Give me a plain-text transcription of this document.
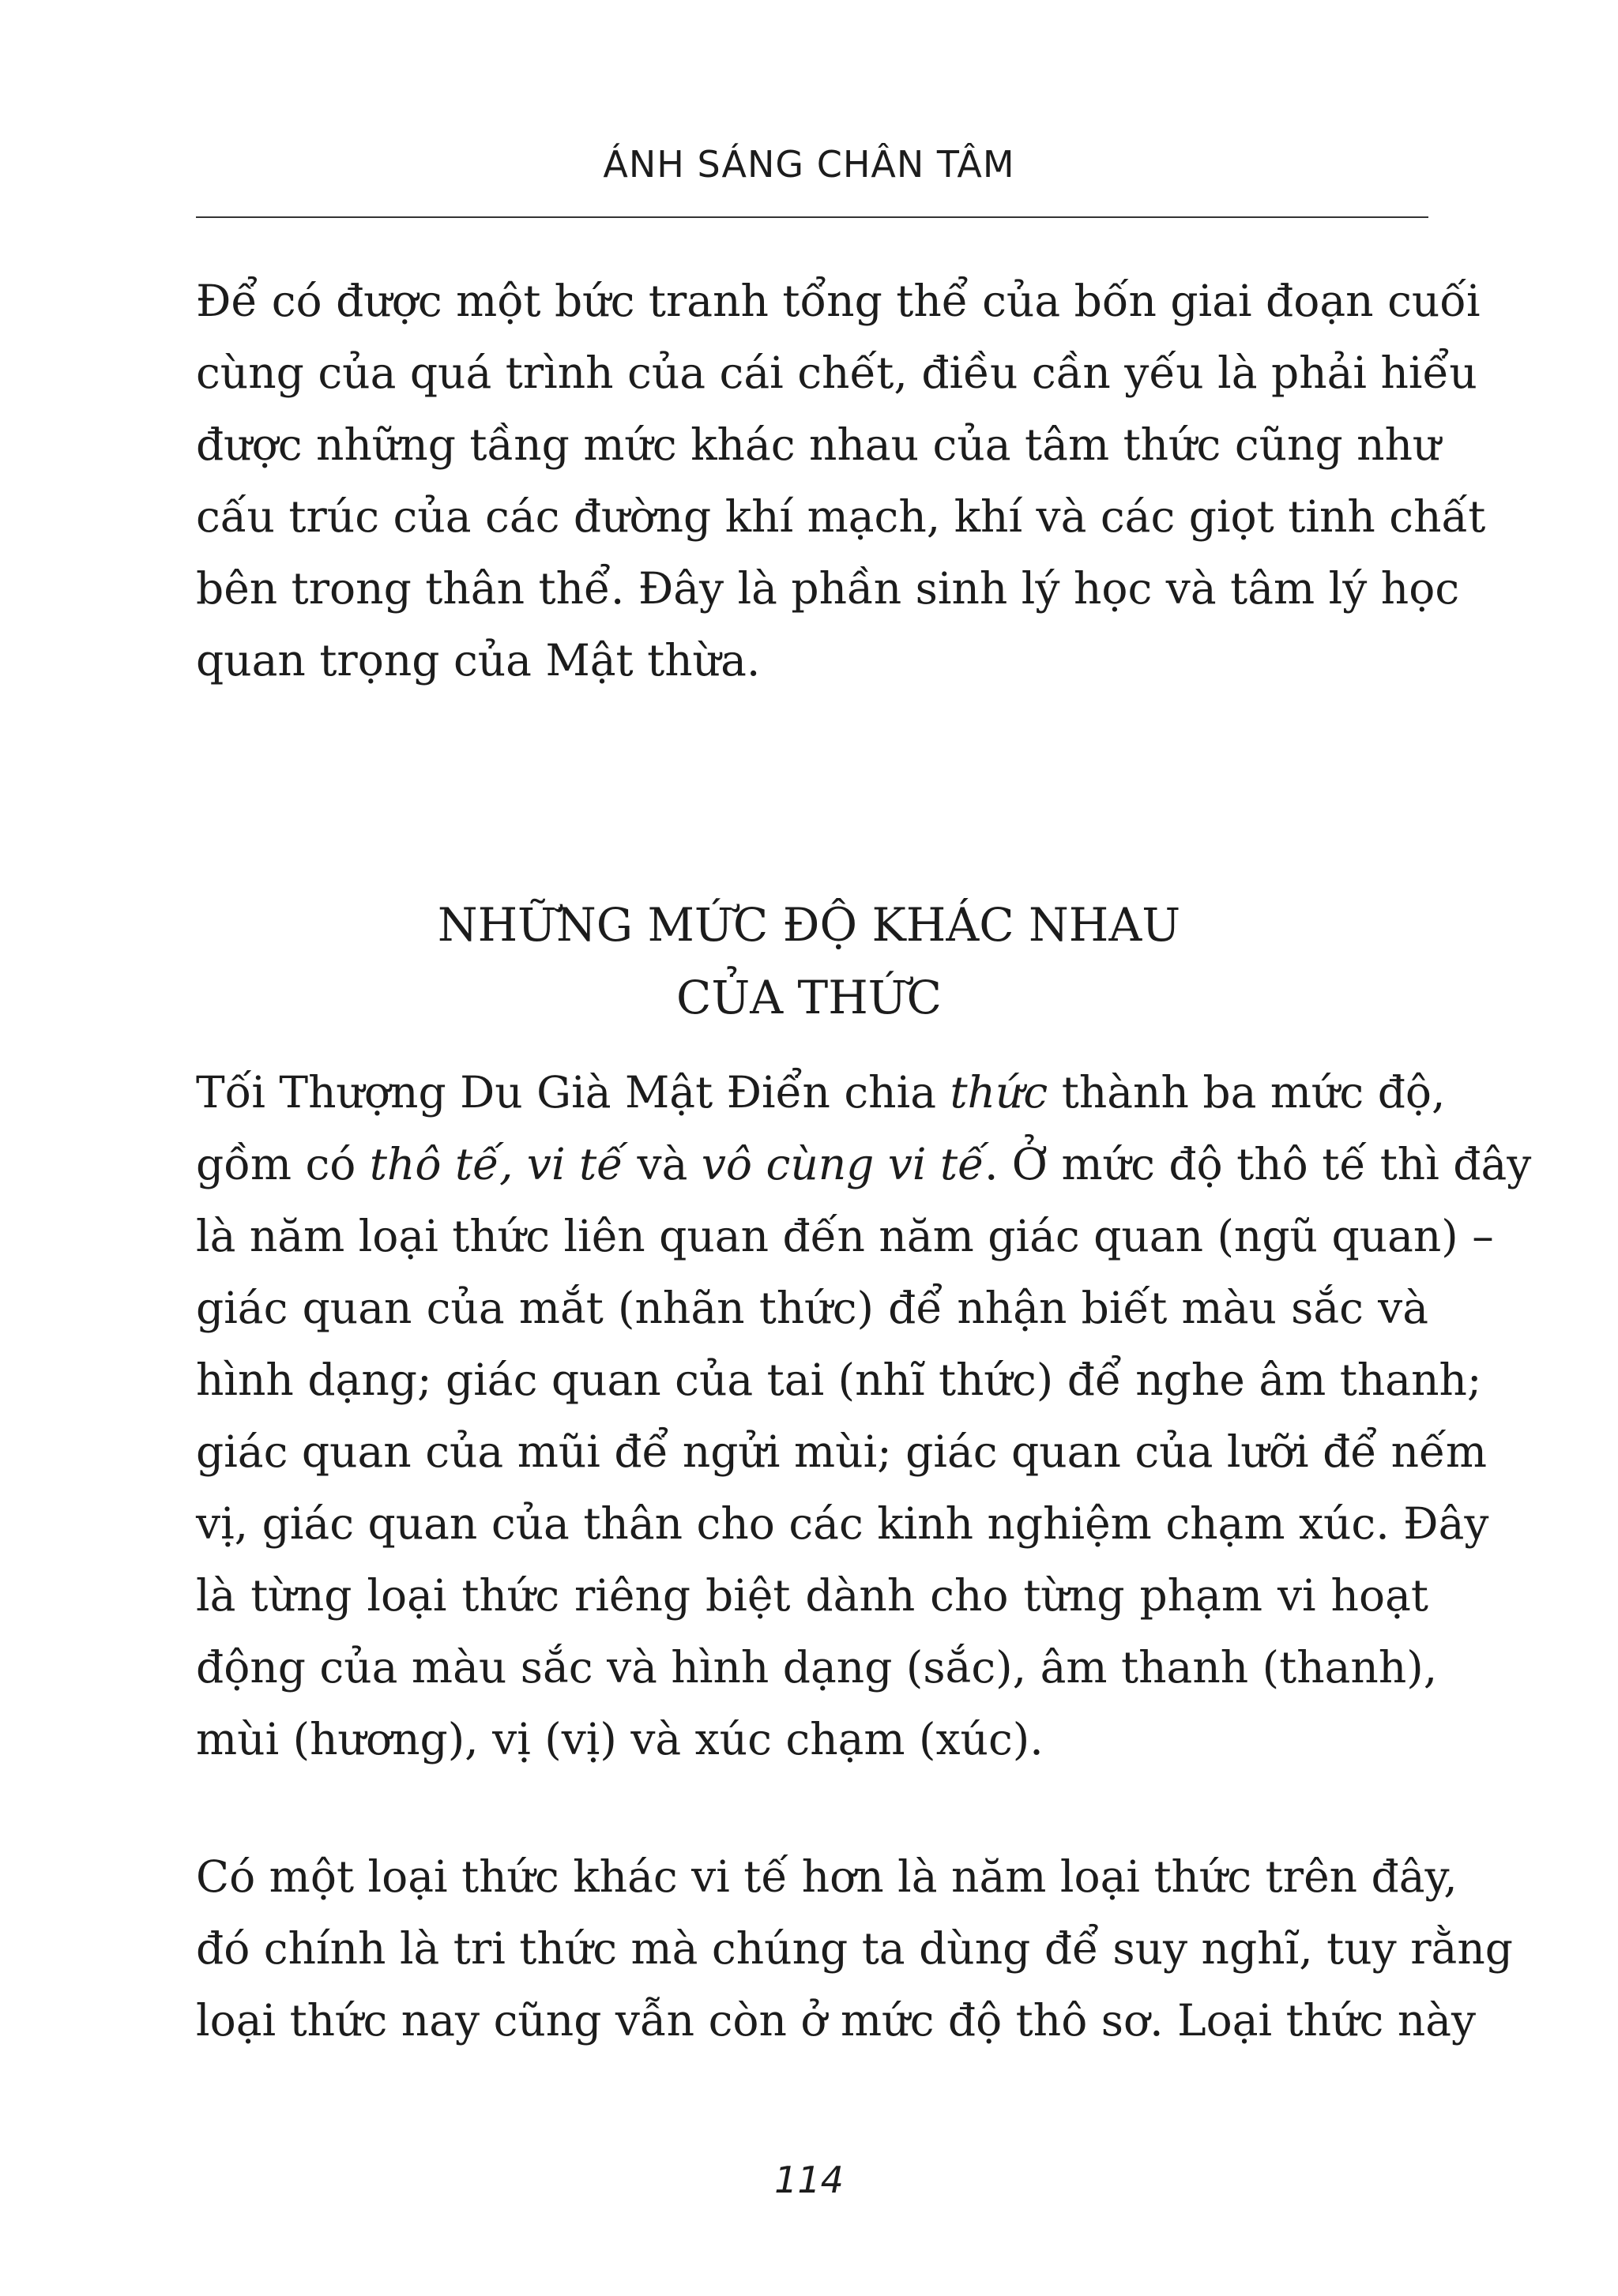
ÁNH SÁNG CHÂN TÂM
Để có được một bức tranh tổng thể của bốn giai đoạn cuối
cùng của quá trình của cái chết, điều cần yếu là phải hiểu
được những tầng mức khác nhau của tâm thức cũng như
cấu trúc của các đường khí mạch, khí và các giọt tinh chất
bên trong thân thể. Đây là phần sinh lý học và tâm lý học
quan trọng của Mật thừa.
NHỮNG MỨC ĐỘ KHÁC NHAU
CỦA THỨC
Tối Thượng Du Già Mật Điển chia thức thành ba mức độ,
gồm có thô tế, vi tế và vô cùng vi tế. Ở mức độ thô tế thì đây
là năm loại thức liên quan đến năm giác quan (ngũ quan) –
giác quan của mắt (nhãn thức) để nhận biết màu sắc và
hình dạng; giác quan của tai (nhĩ thức) để nghe âm thanh;
giác quan của mũi để ngửi mùi; giác quan của lưỡi để nếm
vị, giác quan của thân cho các kinh nghiệm chạm xúc. Đây
là từng loại thức riêng biệt dành cho từng phạm vi hoạt
động của màu sắc và hình dạng (sắc), âm thanh (thanh),
mùi (hương), vị (vị) và xúc chạm (xúc).
Có một loại thức khác vi tế hơn là năm loại thức trên đây,
đó chính là tri thức mà chúng ta dùng để suy nghĩ, tuy rằng
loại thức nay cũng vẫn còn ở mức độ thô sơ. Loại thức này
114
